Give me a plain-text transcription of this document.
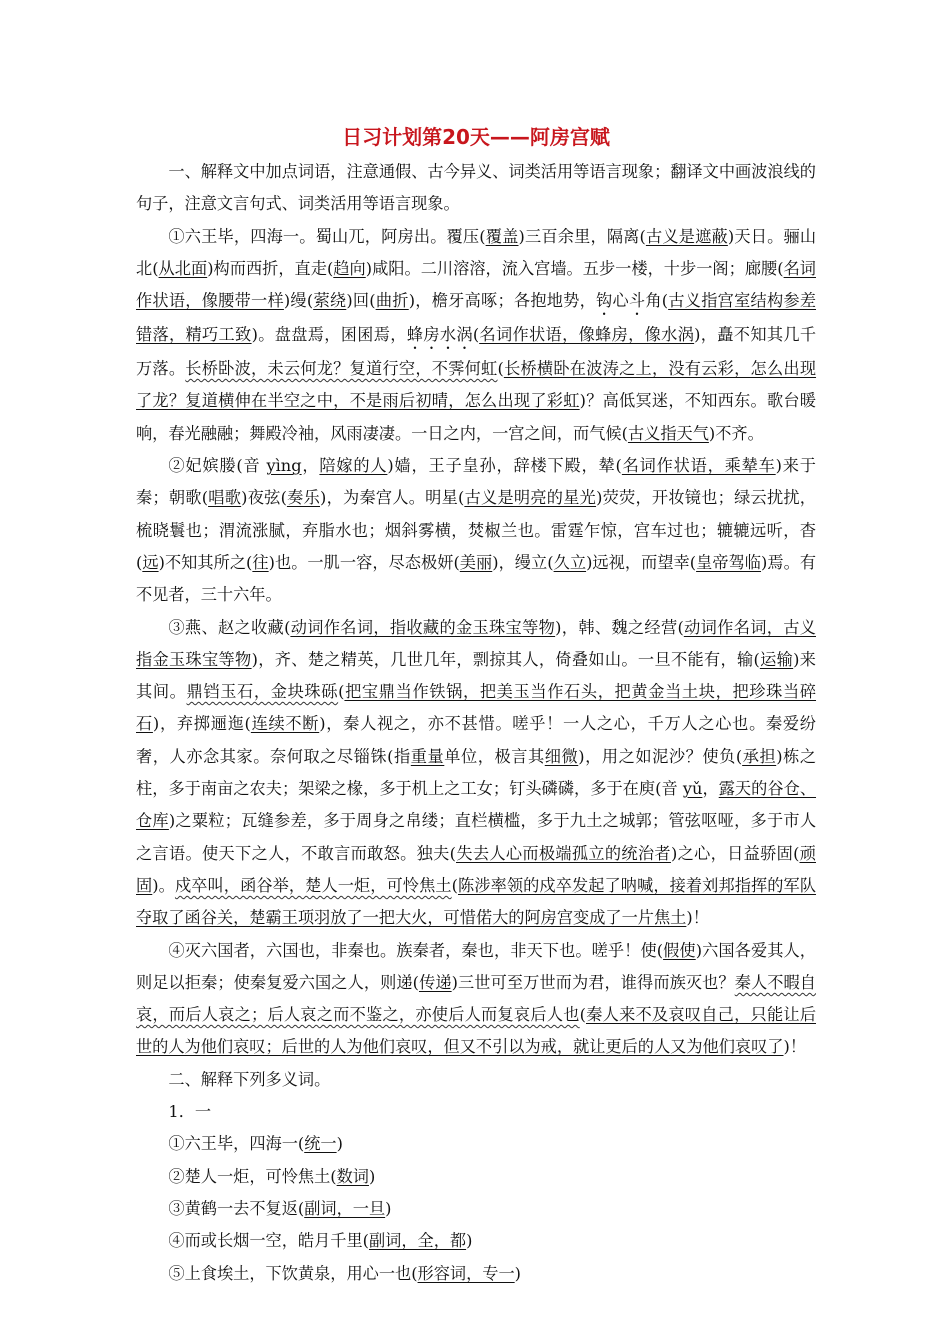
日习计划第20天——阿房宫赋

一、解释文中加点词语，注意通假、古今异义、词类活用等语言现象；翻译文中画波浪线的句子，注意文言句式、词类活用等语言现象。

①六王毕，四海一。蜀山兀，阿房出。覆压(覆盖)三百余里，隔离(古义是遮蔽)天日。骊山北(从北面)构而西折，直走(趋向)咸阳。二川溶溶，流入宫墙。五步一楼，十步一阁；廊腰(名词作状语，像腰带一样)缦(萦绕)回(曲折)，檐牙高啄；各抱地势，钩心斗角(古义指宫室结构参差错落，精巧工致)。盘盘焉，囷囷焉，蜂房水涡(名词作状语，像蜂房，像水涡)，矗不知其几千万落。长桥卧波，未云何龙？复道行空，不霁何虹(长桥横卧在波涛之上，没有云彩，怎么出现了龙？复道横伸在半空之中，不是雨后初晴，怎么出现了彩虹)？高低冥迷，不知西东。歌台暖响，春光融融；舞殿冷袖，风雨凄凄。一日之内，一宫之间，而气候(古义指天气)不齐。

②妃嫔媵(音 yìng，陪嫁的人)嫱，王子皇孙，辞楼下殿，辇(名词作状语，乘辇车)来于秦；朝歌(唱歌)夜弦(奏乐)，为秦宫人。明星(古义是明亮的星光)荧荧，开妆镜也；绿云扰扰，梳晓鬟也；渭流涨腻，弃脂水也；烟斜雾横，焚椒兰也。雷霆乍惊，宫车过也；辘辘远听，杳(远)不知其所之(往)也。一肌一容，尽态极妍(美丽)，缦立(久立)远视，而望幸(皇帝驾临)焉。有不见者，三十六年。

③燕、赵之收藏(动词作名词，指收藏的金玉珠宝等物)，韩、魏之经营(动词作名词，古义指金玉珠宝等物)，齐、楚之精英，几世几年，剽掠其人，倚叠如山。一旦不能有，输(运输)来其间。鼎铛玉石，金块珠砾(把宝鼎当作铁锅，把美玉当作石头，把黄金当土块，把珍珠当碎石)，弃掷逦迤(连续不断)，秦人视之，亦不甚惜。嗟乎！一人之心，千万人之心也。秦爱纷奢，人亦念其家。奈何取之尽锱铢(指重量单位，极言其细微)，用之如泥沙？使负(承担)栋之柱，多于南亩之农夫；架梁之椽，多于机上之工女；钉头磷磷，多于在庾(音 yǔ，露天的谷仓、仓库)之粟粒；瓦缝参差，多于周身之帛缕；直栏横槛，多于九土之城郭；管弦呕哑，多于市人之言语。使天下之人，不敢言而敢怒。独夫(失去人心而极端孤立的统治者)之心，日益骄固(顽固)。戍卒叫，函谷举，楚人一炬，可怜焦土(陈涉率领的戍卒发起了呐喊，接着刘邦指挥的军队夺取了函谷关，楚霸王项羽放了一把大火，可惜偌大的阿房宫变成了一片焦土)！

④灭六国者，六国也，非秦也。族秦者，秦也，非天下也。嗟乎！使(假使)六国各爱其人，则足以拒秦；使秦复爱六国之人，则递(传递)三世可至万世而为君，谁得而族灭也？秦人不暇自哀，而后人哀之；后人哀之而不鉴之，亦使后人而复哀后人也(秦人来不及哀叹自己，只能让后世的人为他们哀叹；后世的人为他们哀叹，但又不引以为戒，就让更后的人又为他们哀叹了)！

二、解释下列多义词。

1．一

①六王毕，四海一(统一)

②楚人一炬，可怜焦土(数词)

③黄鹤一去不复返(副词，一旦)

④而或长烟一空，皓月千里(副词，全，都)

⑤上食埃土，下饮黄泉，用心一也(形容词，专一)
